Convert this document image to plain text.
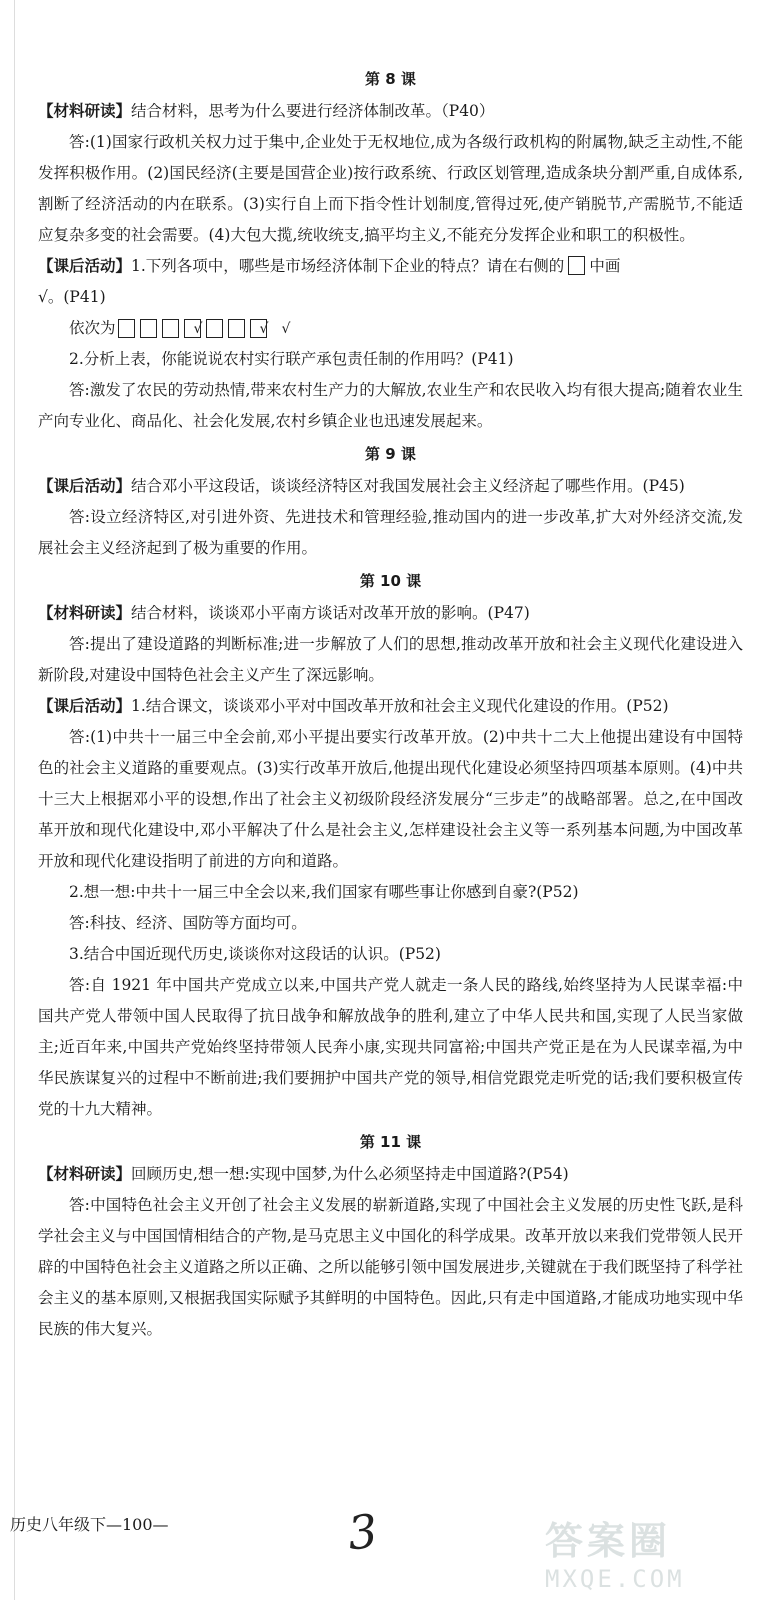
第 8 课

【材料研读】结合材料，思考为什么要进行经济体制改革。（P40）

答:(1)国家行政机关权力过于集中,企业处于无权地位,成为各级行政机构的附属物,缺乏主动性,不能发挥积极作用。(2)国民经济(主要是国营企业)按行政系统、行政区划管理,造成条块分割严重,自成体系,割断了经济活动的内在联系。(3)实行自上而下指令性计划制度,管得过死,使产销脱节,产需脱节,不能适应复杂多变的社会需要。(4)大包大揽,统收统支,搞平均主义,不能充分发挥企业和职工的积极性。

【课后活动】1.下列各项中，哪些是市场经济体制下企业的特点？请在右侧的 中画
√。(P41)

依次为	√	√ √

2.分析上表，你能说说农村实行联产承包责任制的作用吗？(P41)

答:激发了农民的劳动热情,带来农村生产力的大解放,农业生产和农民收入均有很大提高;随着农业生产向专业化、商品化、社会化发展,农村乡镇企业也迅速发展起来。

第 9 课

【课后活动】结合邓小平这段话，谈谈经济特区对我国发展社会主义经济起了哪些作用。(P45)

答:设立经济特区,对引进外资、先进技术和管理经验,推动国内的进一步改革,扩大对外经济交流,发展社会主义经济起到了极为重要的作用。

第 10 课

【材料研读】结合材料，谈谈邓小平南方谈话对改革开放的影响。(P47)

答:提出了建设道路的判断标准;进一步解放了人们的思想,推动改革开放和社会主义现代化建设进入新阶段,对建设中国特色社会主义产生了深远影响。

【课后活动】1.结合课文，谈谈邓小平对中国改革开放和社会主义现代化建设的作用。(P52)

答:(1)中共十一届三中全会前,邓小平提出要实行改革开放。(2)中共十二大上他提出建设有中国特色的社会主义道路的重要观点。(3)实行改革开放后,他提出现代化建设必须坚持四项基本原则。(4)中共十三大上根据邓小平的设想,作出了社会主义初级阶段经济发展分“三步走”的战略部署。总之,在中国改革开放和现代化建设中,邓小平解决了什么是社会主义,怎样建设社会主义等一系列基本问题,为中国改革开放和现代化建设指明了前进的方向和道路。

2.想一想:中共十一届三中全会以来,我们国家有哪些事让你感到自豪?(P52)

答:科技、经济、国防等方面均可。

3.结合中国近现代历史,谈谈你对这段话的认识。(P52)

答:自 1921 年中国共产党成立以来,中国共产党人就走一条人民的路线,始终坚持为人民谋幸福:中国共产党人带领中国人民取得了抗日战争和解放战争的胜利,建立了中华人民共和国,实现了人民当家做主;近百年来,中国共产党始终坚持带领人民奔小康,实现共同富裕;中国共产党正是在为人民谋幸福,为中华民族谋复兴的过程中不断前进;我们要拥护中国共产党的领导,相信党跟党走听党的话;我们要积极宣传党的十九大精神。

第 11 课

【材料研读】回顾历史,想一想:实现中国梦,为什么必须坚持走中国道路?(P54)

答:中国特色社会主义开创了社会主义发展的崭新道路,实现了中国社会主义发展的历史性飞跃,是科学社会主义与中国国情相结合的产物,是马克思主义中国化的科学成果。改革开放以来我们党带领人民开辟的中国特色社会主义道路之所以正确、之所以能够引领中国发展进步,关键就在于我们既坚持了科学社会主义的基本原则,又根据我国实际赋予其鲜明的中国特色。因此,只有走中国道路,才能成功地实现中华民族的伟大复兴。

历史八年级下—100—	3	答案圈
MXQE.COM
